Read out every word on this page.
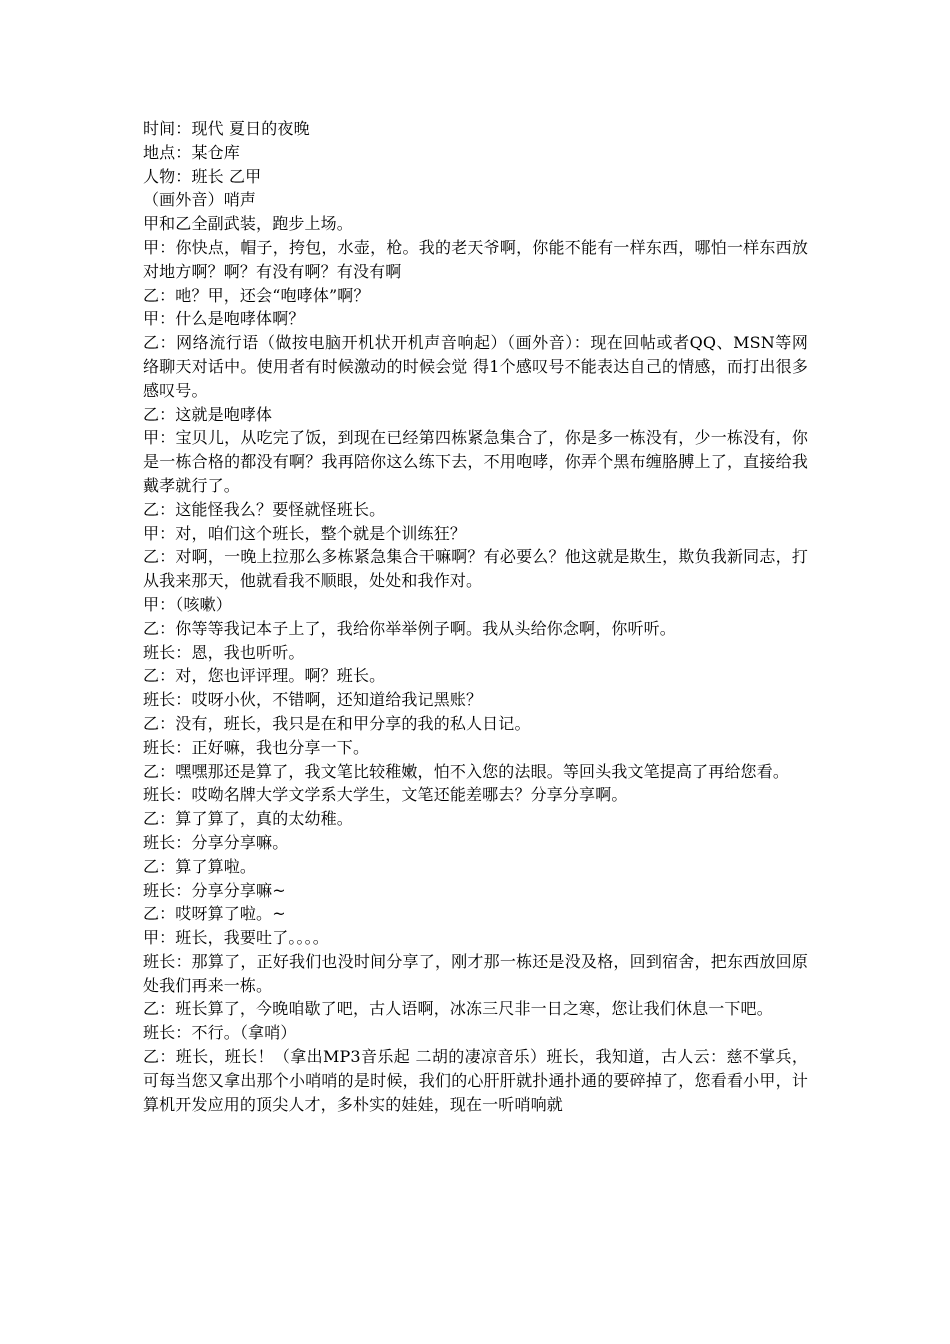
时间：现代 夏日的夜晚

地点：某仓库

人物：班长 乙甲

（画外音）哨声

甲和乙全副武装，跑步上场。

甲：你快点，帽子，挎包，水壶，枪。我的老天爷啊，你能不能有一样东西，哪怕一样东西放对地方啊？啊？有没有啊？有没有啊

乙：吔？甲，还会“咆哮体”啊？

甲：什么是咆哮体啊？

乙：网络流行语（做按电脑开机状开机声音响起）（画外音）：现在回帖或者QQ、MSN等网络聊天对话中。使用者有时候激动的时候会觉 得1个感叹号不能表达自己的情感，而打出很多感叹号。

乙：这就是咆哮体

甲：宝贝儿，从吃完了饭，到现在已经第四栋紧急集合了，你是多一栋没有，少一栋没有，你是一栋合格的都没有啊？我再陪你这么练下去，不用咆哮，你弄个黑布缠胳膊上了，直接给我戴孝就行了。

乙：这能怪我么？要怪就怪班长。

甲：对，咱们这个班长，整个就是个训练狂？

乙：对啊，一晚上拉那么多栋紧急集合干嘛啊？有必要么？他这就是欺生，欺负我新同志，打从我来那天，他就看我不顺眼，处处和我作对。

甲：（咳嗽）

乙：你等等我记本子上了，我给你举举例子啊。我从头给你念啊，你听听。

班长：恩，我也听听。

乙：对，您也评评理。啊？班长。

班长：哎呀小伙，不错啊，还知道给我记黑账？

乙：没有，班长，我只是在和甲分享的我的私人日记。

班长：正好嘛，我也分享一下。

乙：嘿嘿那还是算了，我文笔比较稚嫩，怕不入您的法眼。等回头我文笔提高了再给您看。

班长：哎呦名牌大学文学系大学生，文笔还能差哪去？分享分享啊。

乙：算了算了，真的太幼稚。

班长：分享分享嘛。

乙：算了算啦。

班长：分享分享嘛~

乙：哎呀算了啦。~

甲：班长，我要吐了。。。。

班长：那算了，正好我们也没时间分享了，刚才那一栋还是没及格，回到宿舍，把东西放回原处我们再来一栋。

乙：班长算了，今晚咱歇了吧，古人语啊，冰冻三尺非一日之寒，您让我们休息一下吧。

班长：不行。（拿哨）

乙：班长，班长！（拿出MP3音乐起 二胡的凄凉音乐）班长，我知道，古人云：慈不掌兵，可每当您又拿出那个小哨哨的是时候，我们的心肝肝就扑通扑通的要碎掉了，您看看小甲，计算机开发应用的顶尖人才，多朴实的娃娃，现在一听哨响就
